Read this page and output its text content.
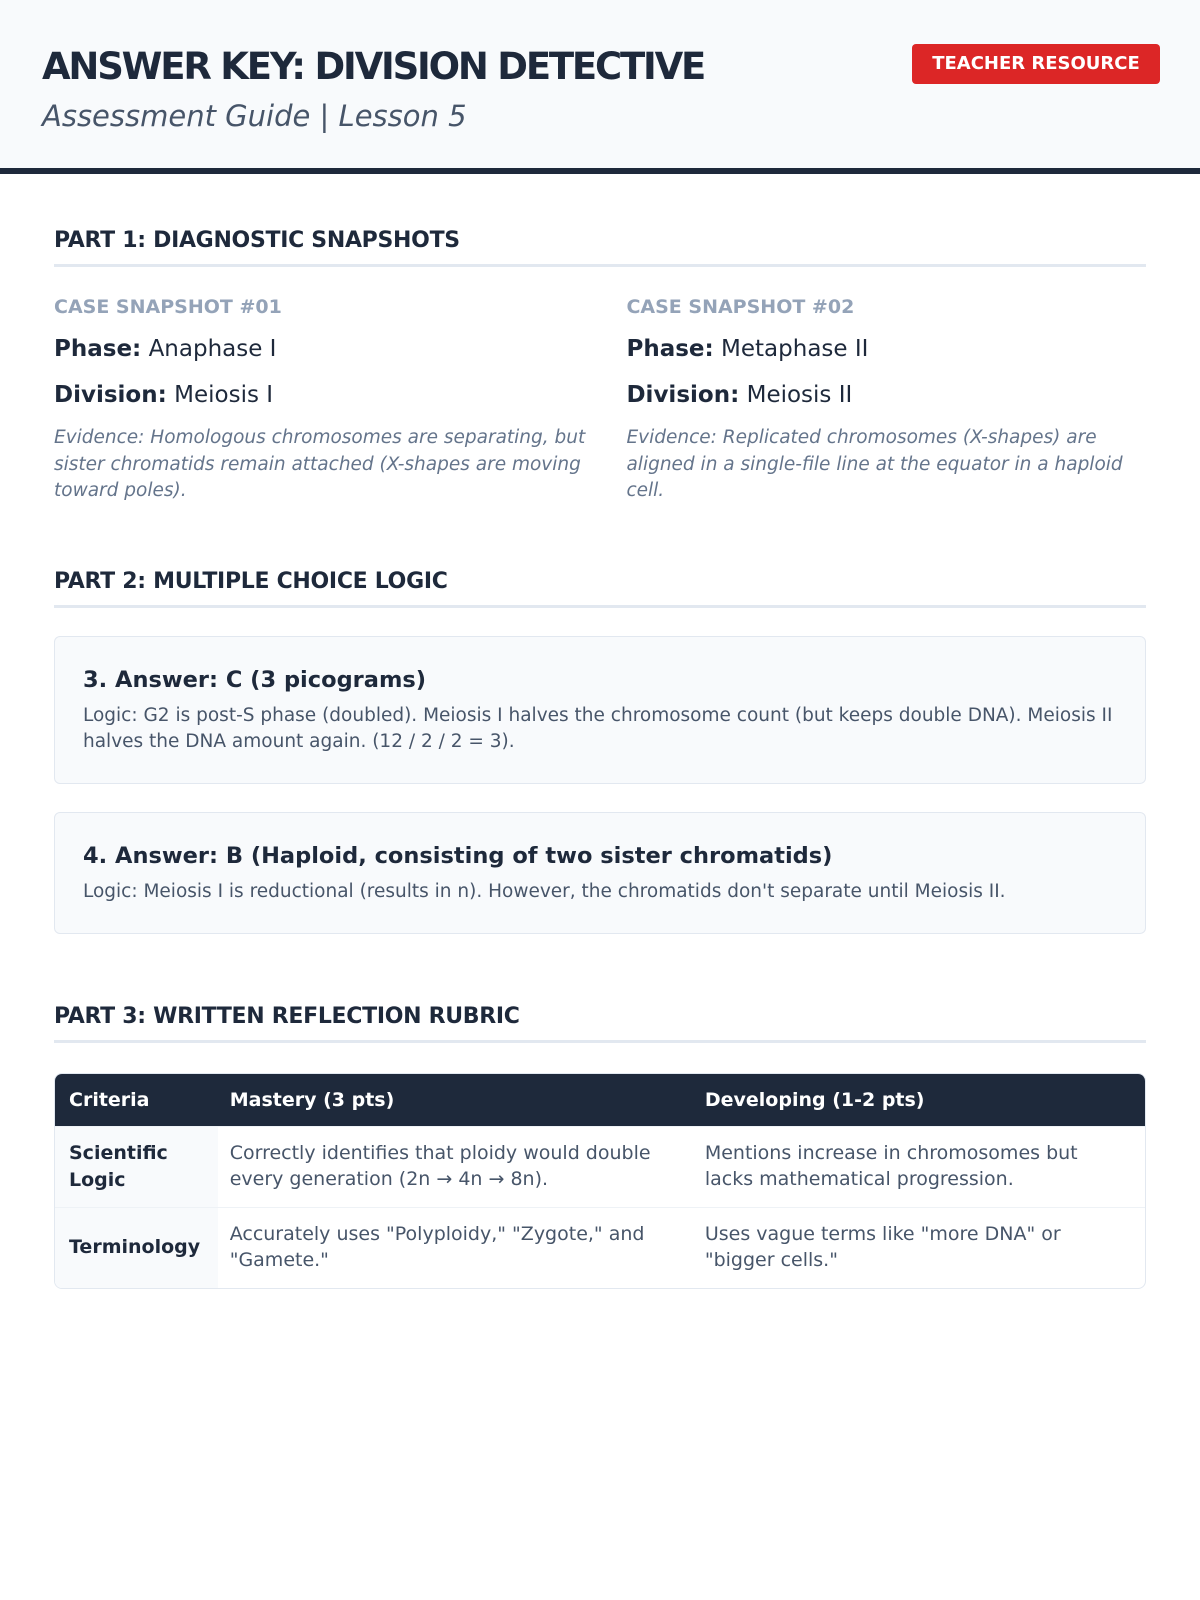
ANSWER KEY: DIVISION DETECTIVE
Assessment Guide | Lesson 5
TEACHER RESOURCE
PART 1: DIAGNOSTIC SNAPSHOTS
CASE SNAPSHOT #01
Phase: Anaphase I
Division: Meiosis I
Evidence: Homologous chromosomes are separating, but sister chromatids remain attached (X-shapes are moving toward poles).
CASE SNAPSHOT #02
Phase: Metaphase II
Division: Meiosis II
Evidence: Replicated chromosomes (X-shapes) are aligned in a single-file line at the equator in a haploid cell.
PART 2: MULTIPLE CHOICE LOGIC
3. Answer: C (3 picograms)
Logic: G2 is post-S phase (doubled). Meiosis I halves the chromosome count (but keeps double DNA). Meiosis II halves the DNA amount again. (12 / 2 / 2 = 3).
4. Answer: B (Haploid, consisting of two sister chromatids)
Logic: Meiosis I is reductional (results in n). However, the chromatids don't separate until Meiosis II.
PART 3: WRITTEN REFLECTION RUBRIC
Criteria	Mastery (3 pts)	Developing (1-2 pts)
Scientific Logic
Correctly identifies that ploidy would double every generation (2n → 4n → 8n).
Mentions increase in chromosomes but lacks mathematical progression.
Terminology
Accurately uses "Polyploidy," "Zygote," and "Gamete."
Uses vague terms like "more DNA" or "bigger cells."
